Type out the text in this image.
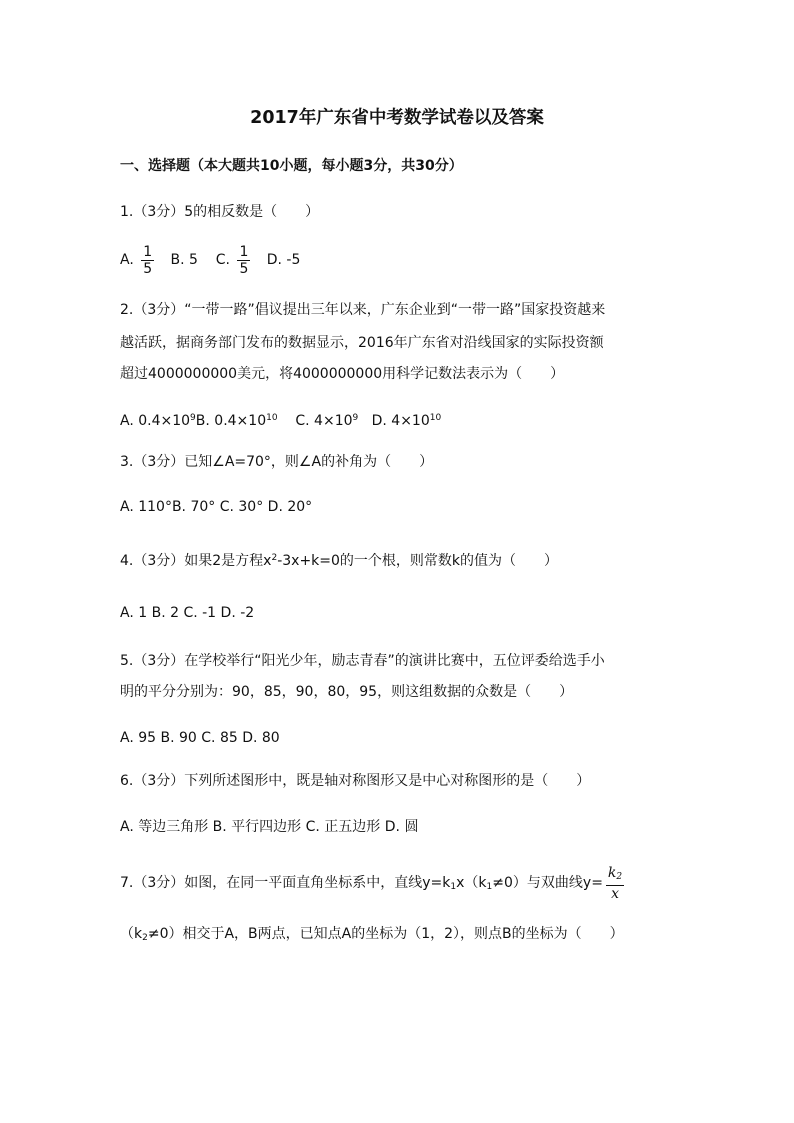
2017年广东省中考数学试卷以及答案
一、选择题（本大题共10小题，每小题3分，共30分）
1.（3分）5的相反数是（　　）
A. $\frac{1}{5} B$. 5 C. $\frac{1}{5} D$. -5
2.（3分）“一带一路”倡议提出三年以来，广东企业到“一带一路”国家投资越来
越活跃，据商务部门发布的数据显示，2016年广东省对沿线国家的实际投资额
超过4000000000美元，将4000000000用科学记数法表示为（　　）
A. $0.4\times 10^9B$. $0.4\times 10^{10}$ C. $4\times 10^9$ D. $4\times 10^{10}$
3.（3分）已知∠A=70°，则∠A的补角为（　　）
A. 110°B. 70° C. 30° D. 20°
4.（3分）如果2是方程$x^2-3x+k=0$的一个根，则常数k的值为（　　）
A. 1 B. 2 C. -1 D. -2
5.（3分）在学校举行“阳光少年，励志青春”的演讲比赛中，五位评委给选手小
明的平分分别为：90，85，90，80，95，则这组数据的众数是（　　）
A. 95 B. 90 C. 85 D. 80
6.（3分）下列所述图形中，既是轴对称图形又是中心对称图形的是（　　）
A. 等边三角形 B. 平行四边形 C. 正五边形 D. 圆
7.（3分）如图，在同一平面直角坐标系中，直线$y=k_1x(k_1\ne 0)$与双曲线$y= \frac{k_2}{x}$
$(k_2\ne 0)$相交于A，B两点，已知点A的坐标为（1，2），则点B的坐标为（　　）
